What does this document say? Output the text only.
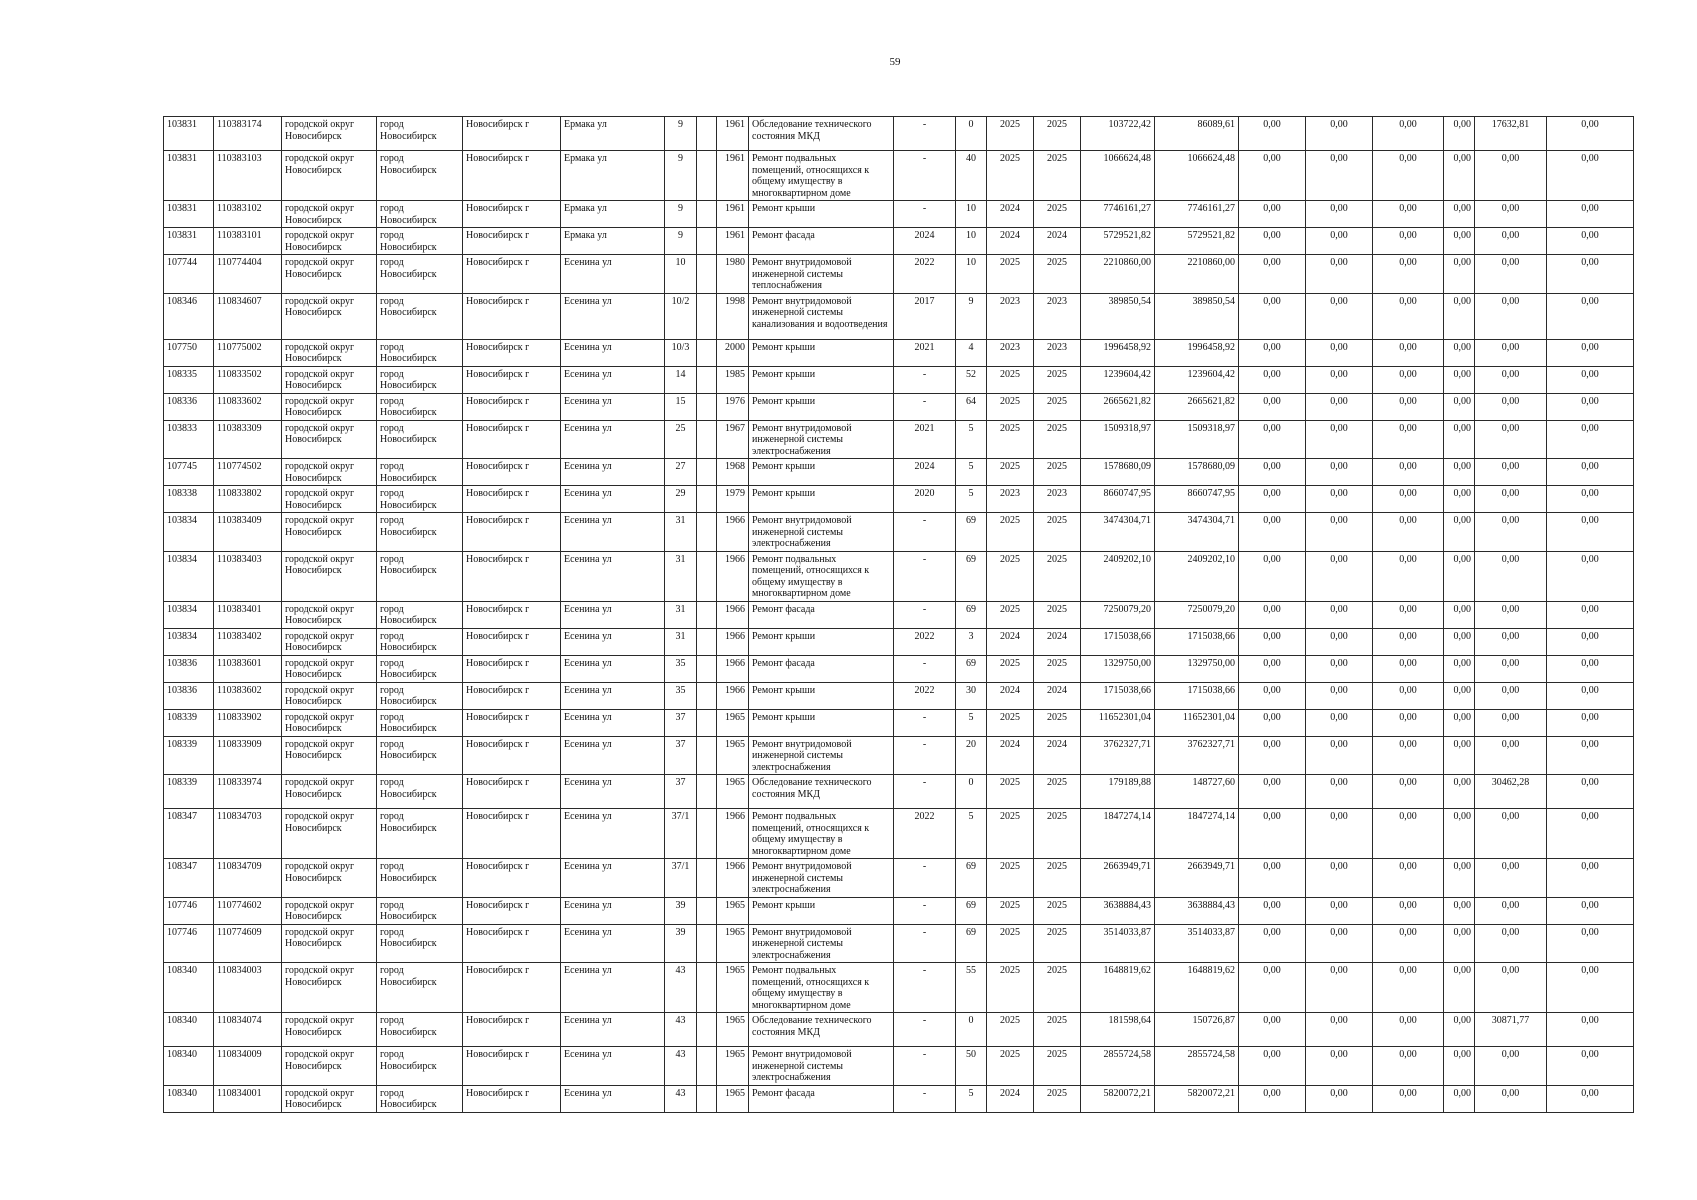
59
103831	110383174	городской округ Новосибирск	город Новосибирск	Новосибирск г	Ермака ул	9		1961	Обследование технического состояния МКД	-	0	2025	2025	103722,42	86089,61	0,00	0,00	0,00	0,00	17632,81	0,00
103831	110383103	городской округ Новосибирск	город Новосибирск	Новосибирск г	Ермака ул	9		1961	Ремонт подвальных помещений, относящихся к общему имуществу в многоквартирном доме	-	40	2025	2025	1066624,48	1066624,48	0,00	0,00	0,00	0,00	0,00	0,00
103831	110383102	городской округ Новосибирск	город Новосибирск	Новосибирск г	Ермака ул	9		1961	Ремонт крыши	-	10	2024	2025	7746161,27	7746161,27	0,00	0,00	0,00	0,00	0,00	0,00
103831	110383101	городской округ Новосибирск	город Новосибирск	Новосибирск г	Ермака ул	9		1961	Ремонт фасада	2024	10	2024	2024	5729521,82	5729521,82	0,00	0,00	0,00	0,00	0,00	0,00
107744	110774404	городской округ Новосибирск	город Новосибирск	Новосибирск г	Есенина ул	10		1980	Ремонт внутридомовой инженерной системы теплоснабжения	2022	10	2025	2025	2210860,00	2210860,00	0,00	0,00	0,00	0,00	0,00	0,00
108346	110834607	городской округ Новосибирск	город Новосибирск	Новосибирск г	Есенина ул	10/2		1998	Ремонт внутридомовой инженерной системы канализования и водоотведения	2017	9	2023	2023	389850,54	389850,54	0,00	0,00	0,00	0,00	0,00	0,00
107750	110775002	городской округ Новосибирск	город Новосибирск	Новосибирск г	Есенина ул	10/3		2000	Ремонт крыши	2021	4	2023	2023	1996458,92	1996458,92	0,00	0,00	0,00	0,00	0,00	0,00
108335	110833502	городской округ Новосибирск	город Новосибирск	Новосибирск г	Есенина ул	14		1985	Ремонт крыши	-	52	2025	2025	1239604,42	1239604,42	0,00	0,00	0,00	0,00	0,00	0,00
108336	110833602	городской округ Новосибирск	город Новосибирск	Новосибирск г	Есенина ул	15		1976	Ремонт крыши	-	64	2025	2025	2665621,82	2665621,82	0,00	0,00	0,00	0,00	0,00	0,00
103833	110383309	городской округ Новосибирск	город Новосибирск	Новосибирск г	Есенина ул	25		1967	Ремонт внутридомовой инженерной системы электроснабжения	2021	5	2025	2025	1509318,97	1509318,97	0,00	0,00	0,00	0,00	0,00	0,00
107745	110774502	городской округ Новосибирск	город Новосибирск	Новосибирск г	Есенина ул	27		1968	Ремонт крыши	2024	5	2025	2025	1578680,09	1578680,09	0,00	0,00	0,00	0,00	0,00	0,00
108338	110833802	городской округ Новосибирск	город Новосибирск	Новосибирск г	Есенина ул	29		1979	Ремонт крыши	2020	5	2023	2023	8660747,95	8660747,95	0,00	0,00	0,00	0,00	0,00	0,00
103834	110383409	городской округ Новосибирск	город Новосибирск	Новосибирск г	Есенина ул	31		1966	Ремонт внутридомовой инженерной системы электроснабжения	-	69	2025	2025	3474304,71	3474304,71	0,00	0,00	0,00	0,00	0,00	0,00
103834	110383403	городской округ Новосибирск	город Новосибирск	Новосибирск г	Есенина ул	31		1966	Ремонт подвальных помещений, относящихся к общему имуществу в многоквартирном доме	-	69	2025	2025	2409202,10	2409202,10	0,00	0,00	0,00	0,00	0,00	0,00
103834	110383401	городской округ Новосибирск	город Новосибирск	Новосибирск г	Есенина ул	31		1966	Ремонт фасада	-	69	2025	2025	7250079,20	7250079,20	0,00	0,00	0,00	0,00	0,00	0,00
103834	110383402	городской округ Новосибирск	город Новосибирск	Новосибирск г	Есенина ул	31		1966	Ремонт крыши	2022	3	2024	2024	1715038,66	1715038,66	0,00	0,00	0,00	0,00	0,00	0,00
103836	110383601	городской округ Новосибирск	город Новосибирск	Новосибирск г	Есенина ул	35		1966	Ремонт фасада	-	69	2025	2025	1329750,00	1329750,00	0,00	0,00	0,00	0,00	0,00	0,00
103836	110383602	городской округ Новосибирск	город Новосибирск	Новосибирск г	Есенина ул	35		1966	Ремонт крыши	2022	30	2024	2024	1715038,66	1715038,66	0,00	0,00	0,00	0,00	0,00	0,00
108339	110833902	городской округ Новосибирск	город Новосибирск	Новосибирск г	Есенина ул	37		1965	Ремонт крыши	-	5	2025	2025	11652301,04	11652301,04	0,00	0,00	0,00	0,00	0,00	0,00
108339	110833909	городской округ Новосибирск	город Новосибирск	Новосибирск г	Есенина ул	37		1965	Ремонт внутридомовой инженерной системы электроснабжения	-	20	2024	2024	3762327,71	3762327,71	0,00	0,00	0,00	0,00	0,00	0,00
108339	110833974	городской округ Новосибирск	город Новосибирск	Новосибирск г	Есенина ул	37		1965	Обследование технического состояния МКД	-	0	2025	2025	179189,88	148727,60	0,00	0,00	0,00	0,00	30462,28	0,00
108347	110834703	городской округ Новосибирск	город Новосибирск	Новосибирск г	Есенина ул	37/1		1966	Ремонт подвальных помещений, относящихся к общему имуществу в многоквартирном доме	2022	5	2025	2025	1847274,14	1847274,14	0,00	0,00	0,00	0,00	0,00	0,00
108347	110834709	городской округ Новосибирск	город Новосибирск	Новосибирск г	Есенина ул	37/1		1966	Ремонт внутридомовой инженерной системы электроснабжения	-	69	2025	2025	2663949,71	2663949,71	0,00	0,00	0,00	0,00	0,00	0,00
107746	110774602	городской округ Новосибирск	город Новосибирск	Новосибирск г	Есенина ул	39		1965	Ремонт крыши	-	69	2025	2025	3638884,43	3638884,43	0,00	0,00	0,00	0,00	0,00	0,00
107746	110774609	городской округ Новосибирск	город Новосибирск	Новосибирск г	Есенина ул	39		1965	Ремонт внутридомовой инженерной системы электроснабжения	-	69	2025	2025	3514033,87	3514033,87	0,00	0,00	0,00	0,00	0,00	0,00
108340	110834003	городской округ Новосибирск	город Новосибирск	Новосибирск г	Есенина ул	43		1965	Ремонт подвальных помещений, относящихся к общему имуществу в многоквартирном доме	-	55	2025	2025	1648819,62	1648819,62	0,00	0,00	0,00	0,00	0,00	0,00
108340	110834074	городской округ Новосибирск	город Новосибирск	Новосибирск г	Есенина ул	43		1965	Обследование технического состояния МКД	-	0	2025	2025	181598,64	150726,87	0,00	0,00	0,00	0,00	30871,77	0,00
108340	110834009	городской округ Новосибирск	город Новосибирск	Новосибирск г	Есенина ул	43		1965	Ремонт внутридомовой инженерной системы электроснабжения	-	50	2025	2025	2855724,58	2855724,58	0,00	0,00	0,00	0,00	0,00	0,00
108340	110834001	городской округ Новосибирск	город Новосибирск	Новосибирск г	Есенина ул	43		1965	Ремонт фасада	-	5	2024	2025	5820072,21	5820072,21	0,00	0,00	0,00	0,00	0,00	0,00
